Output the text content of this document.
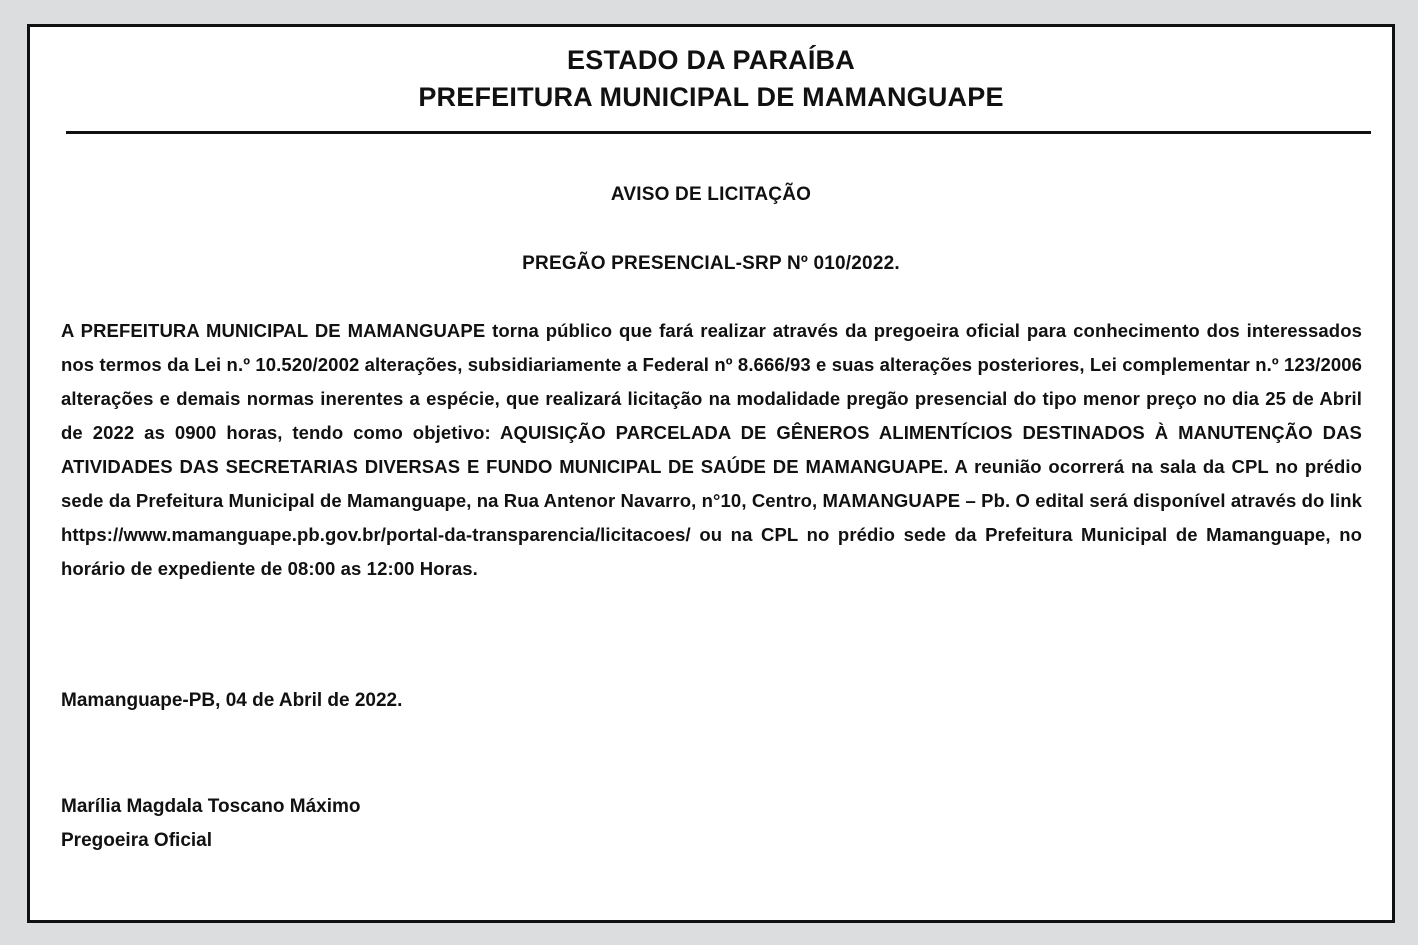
ESTADO DA PARAÍBA
PREFEITURA MUNICIPAL DE MAMANGUAPE
AVISO DE LICITAÇÃO
PREGÃO PRESENCIAL-SRP Nº 010/2022.

A PREFEITURA MUNICIPAL DE MAMANGUAPE torna público que fará realizar através da pregoeira oficial para conhecimento dos interessados nos termos da Lei n.º 10.520/2002 alterações, subsidiariamente a Federal nº 8.666/93 e suas alterações posteriores, Lei complementar n.º 123/2006 alterações e demais normas inerentes a espécie, que realizará licitação na modalidade pregão presencial do tipo menor preço no dia 25 de Abril de 2022 as 0900 horas, tendo como objetivo: AQUISIÇÃO PARCELADA DE GÊNEROS ALIMENTÍCIOS DESTINADOS À MANUTENÇÃO DAS ATIVIDADES DAS SECRETARIAS DIVERSAS E FUNDO MUNICIPAL DE SAÚDE DE MAMANGUAPE. A reunião ocorrerá na sala da CPL no prédio sede da Prefeitura Municipal de Mamanguape, na Rua Antenor Navarro, n°10, Centro, MAMANGUAPE – Pb. O edital será disponível através do link https://www.mamanguape.pb.gov.br/portal-da-transparencia/licitacoes/ ou na CPL no prédio sede da Prefeitura Municipal de Mamanguape, no horário de expediente de 08:00 as 12:00 Horas.

Mamanguape-PB, 04 de Abril de 2022.
Marília Magdala Toscano Máximo
Pregoeira Oficial
